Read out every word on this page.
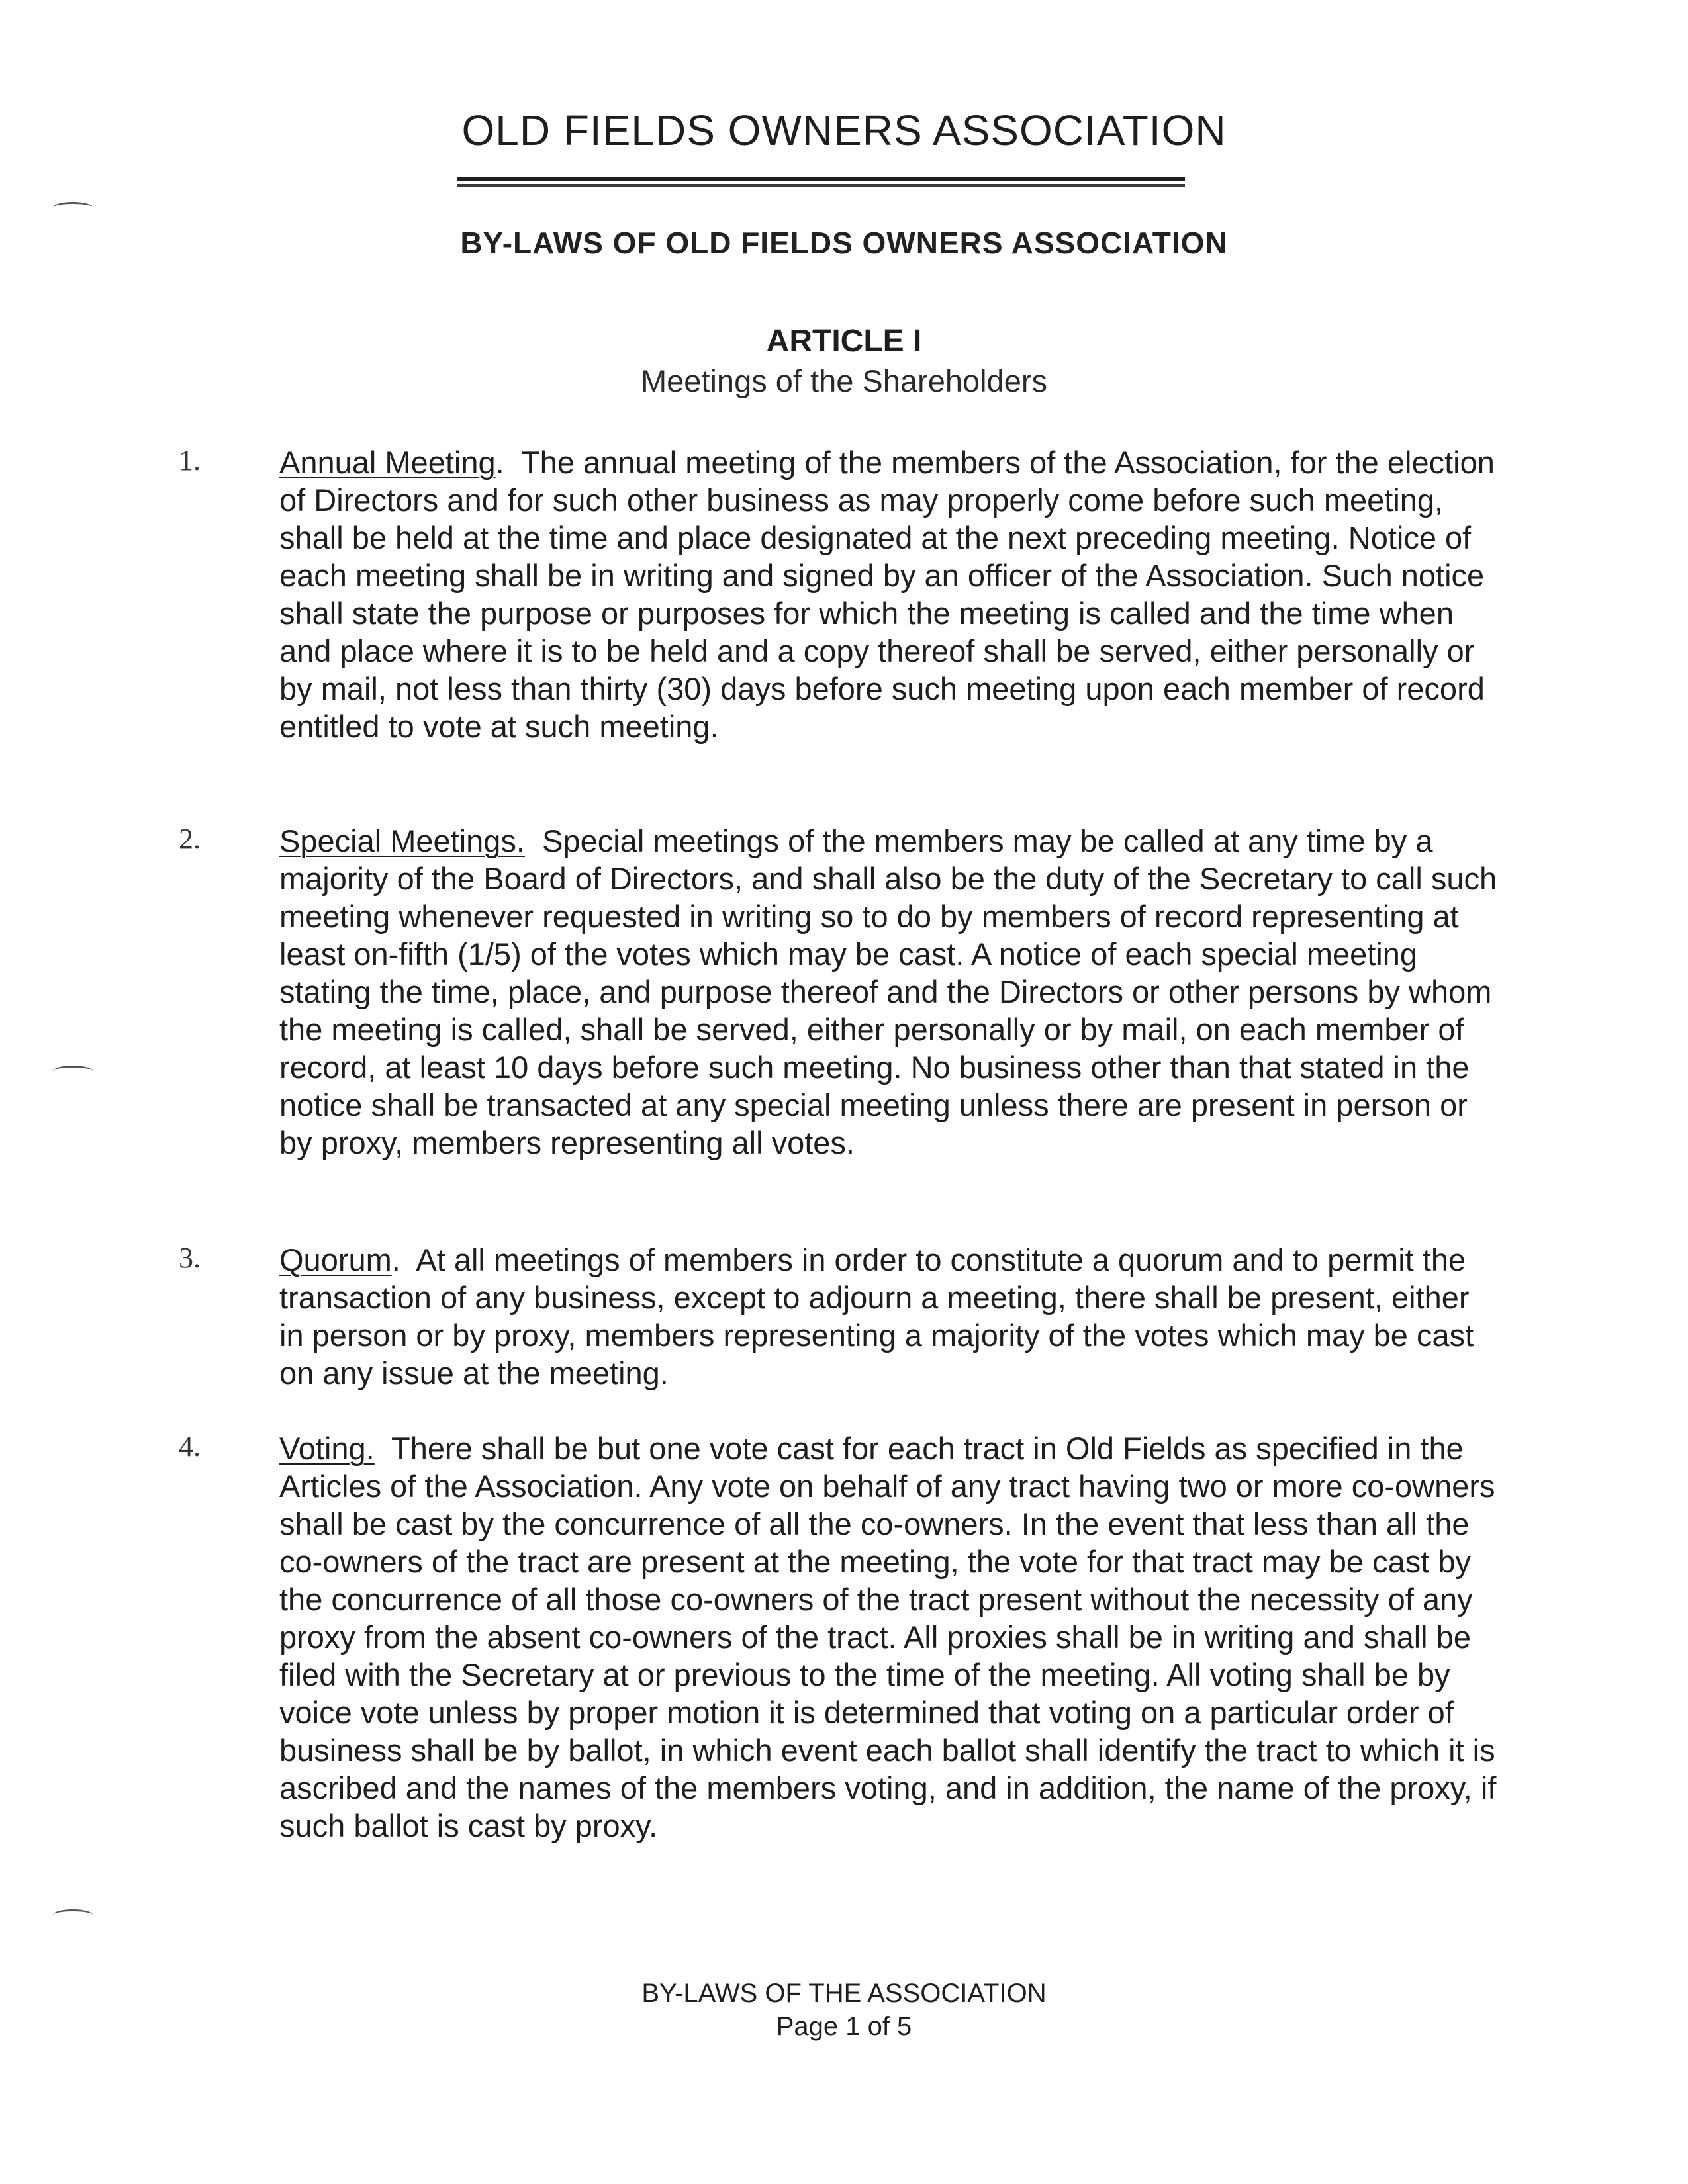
OLD FIELDS OWNERS ASSOCIATION
BY-LAWS OF OLD FIELDS OWNERS ASSOCIATION
ARTICLE I
Meetings of the Shareholders
1.	Annual Meeting. The annual meeting of the members of the Association, for the election of Directors and for such other business as may properly come before such meeting, shall be held at the time and place designated at the next preceding meeting. Notice of each meeting shall be in writing and signed by an officer of the Association. Such notice shall state the purpose or purposes for which the meeting is called and the time when and place where it is to be held and a copy thereof shall be served, either personally or by mail, not less than thirty (30) days before such meeting upon each member of record entitled to vote at such meeting.
2.	Special Meetings. Special meetings of the members may be called at any time by a majority of the Board of Directors, and shall also be the duty of the Secretary to call such meeting whenever requested in writing so to do by members of record representing at least on-fifth (1/5) of the votes which may be cast. A notice of each special meeting stating the time, place, and purpose thereof and the Directors or other persons by whom the meeting is called, shall be served, either personally or by mail, on each member of record, at least 10 days before such meeting. No business other than that stated in the notice shall be transacted at any special meeting unless there are present in person or by proxy, members representing all votes.
3.	Quorum. At all meetings of members in order to constitute a quorum and to permit the transaction of any business, except to adjourn a meeting, there shall be present, either in person or by proxy, members representing a majority of the votes which may be cast on any issue at the meeting.
4.	Voting. There shall be but one vote cast for each tract in Old Fields as specified in the Articles of the Association. Any vote on behalf of any tract having two or more co-owners shall be cast by the concurrence of all the co-owners. In the event that less than all the co-owners of the tract are present at the meeting, the vote for that tract may be cast by the concurrence of all those co-owners of the tract present without the necessity of any proxy from the absent co-owners of the tract. All proxies shall be in writing and shall be filed with the Secretary at or previous to the time of the meeting. All voting shall be by voice vote unless by proper motion it is determined that voting on a particular order of business shall be by ballot, in which event each ballot shall identify the tract to which it is ascribed and the names of the members voting, and in addition, the name of the proxy, if such ballot is cast by proxy.
BY-LAWS OF THE ASSOCIATION
Page 1 of 5
